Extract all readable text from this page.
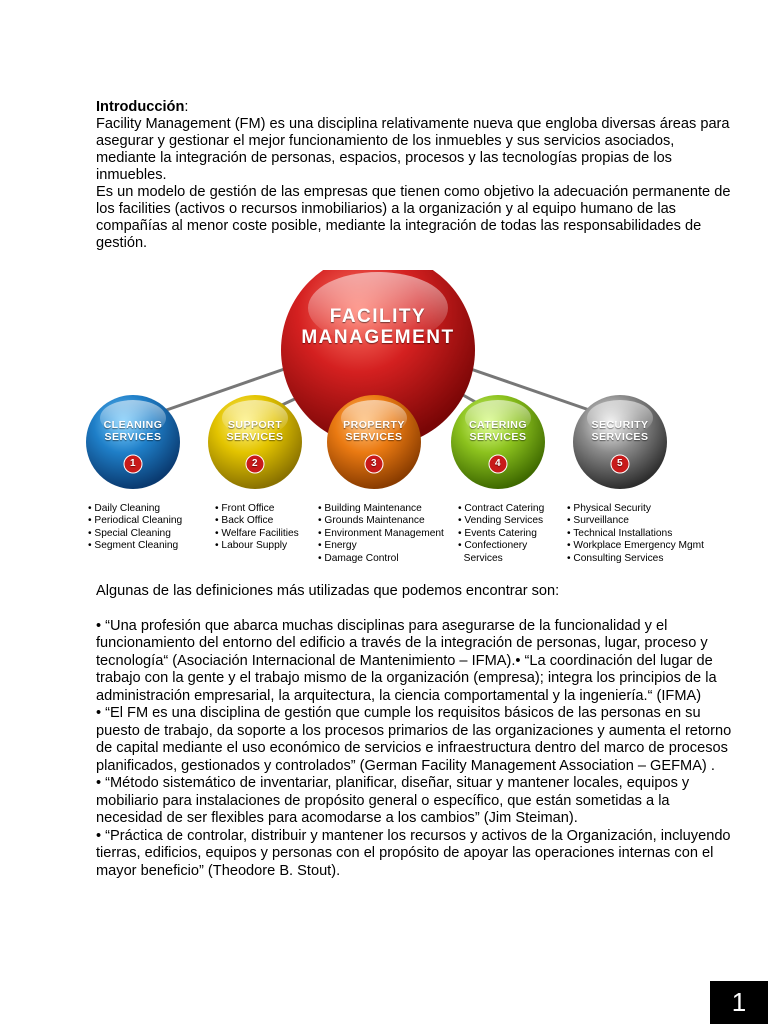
Introducción:
Facility Management (FM) es una disciplina relativamente nueva que engloba diversas áreas para asegurar y gestionar el mejor funcionamiento de los inmuebles y sus servicios asociados, mediante la integración de personas, espacios, procesos y las tecnologías propias de los inmuebles.

Es un modelo de gestión de las empresas que tienen como objetivo la adecuación permanente de los facilities (activos o recursos inmobiliarios) a la organización y al equipo humano de las compañías al menor coste posible, mediante la integración de todas las responsabilidades de gestión.

FACILITY
MANAGEMENT
CLEANING
SERVICES
SUPPORT
SERVICES
PROPERTY
SERVICES
CATERING
SERVICES
SECURITY
SERVICES
1	2	3	4	5
• Daily Cleaning
• Periodical Cleaning
• Special Cleaning
• Segment Cleaning
• Front Office
• Back Office
• Welfare Facilities
• Labour Supply
• Building Maintenance
• Grounds Maintenance
• Environment Management
• Energy
• Damage Control
• Contract Catering
• Vending Services
• Events Catering
• Confectionery
Services
• Physical Security
• Surveillance
• Technical Installations
• Workplace Emergency Mgmt
• Consulting Services

Algunas de las definiciones más utilizadas que podemos encontrar son:

• “Una profesión que abarca muchas disciplinas para asegurarse de la funcionalidad y el funcionamiento del entorno del edificio a través de la integración de personas, lugar, proceso y tecnología“ (Asociación Internacional de Mantenimiento – IFMA).• “La coordinación del lugar de trabajo con la gente y el trabajo mismo de la organización (empresa); integra los principios de la administración empresarial, la arquitectura, la ciencia comportamental y la ingeniería.“ (IFMA)

• “El FM es una disciplina de gestión que cumple los requisitos básicos de las personas en su puesto de trabajo, da soporte a los procesos primarios de las organizaciones y aumenta el retorno de capital mediante el uso económico de servicios e infraestructura dentro del marco de procesos planificados, gestionados y controlados” (German Facility Management Association – GEFMA) .

• “Método sistemático de inventariar, planificar, diseñar, situar y mantener locales, equipos y mobiliario para instalaciones de propósito general o específico, que están sometidas a la necesidad de ser flexibles para acomodarse a los cambios” (Jim Steiman).

• “Práctica de controlar, distribuir y mantener los recursos y activos de la Organización, incluyendo tierras, edificios, equipos y personas con el propósito de apoyar las operaciones internas con el mayor beneficio” (Theodore B. Stout).

1
